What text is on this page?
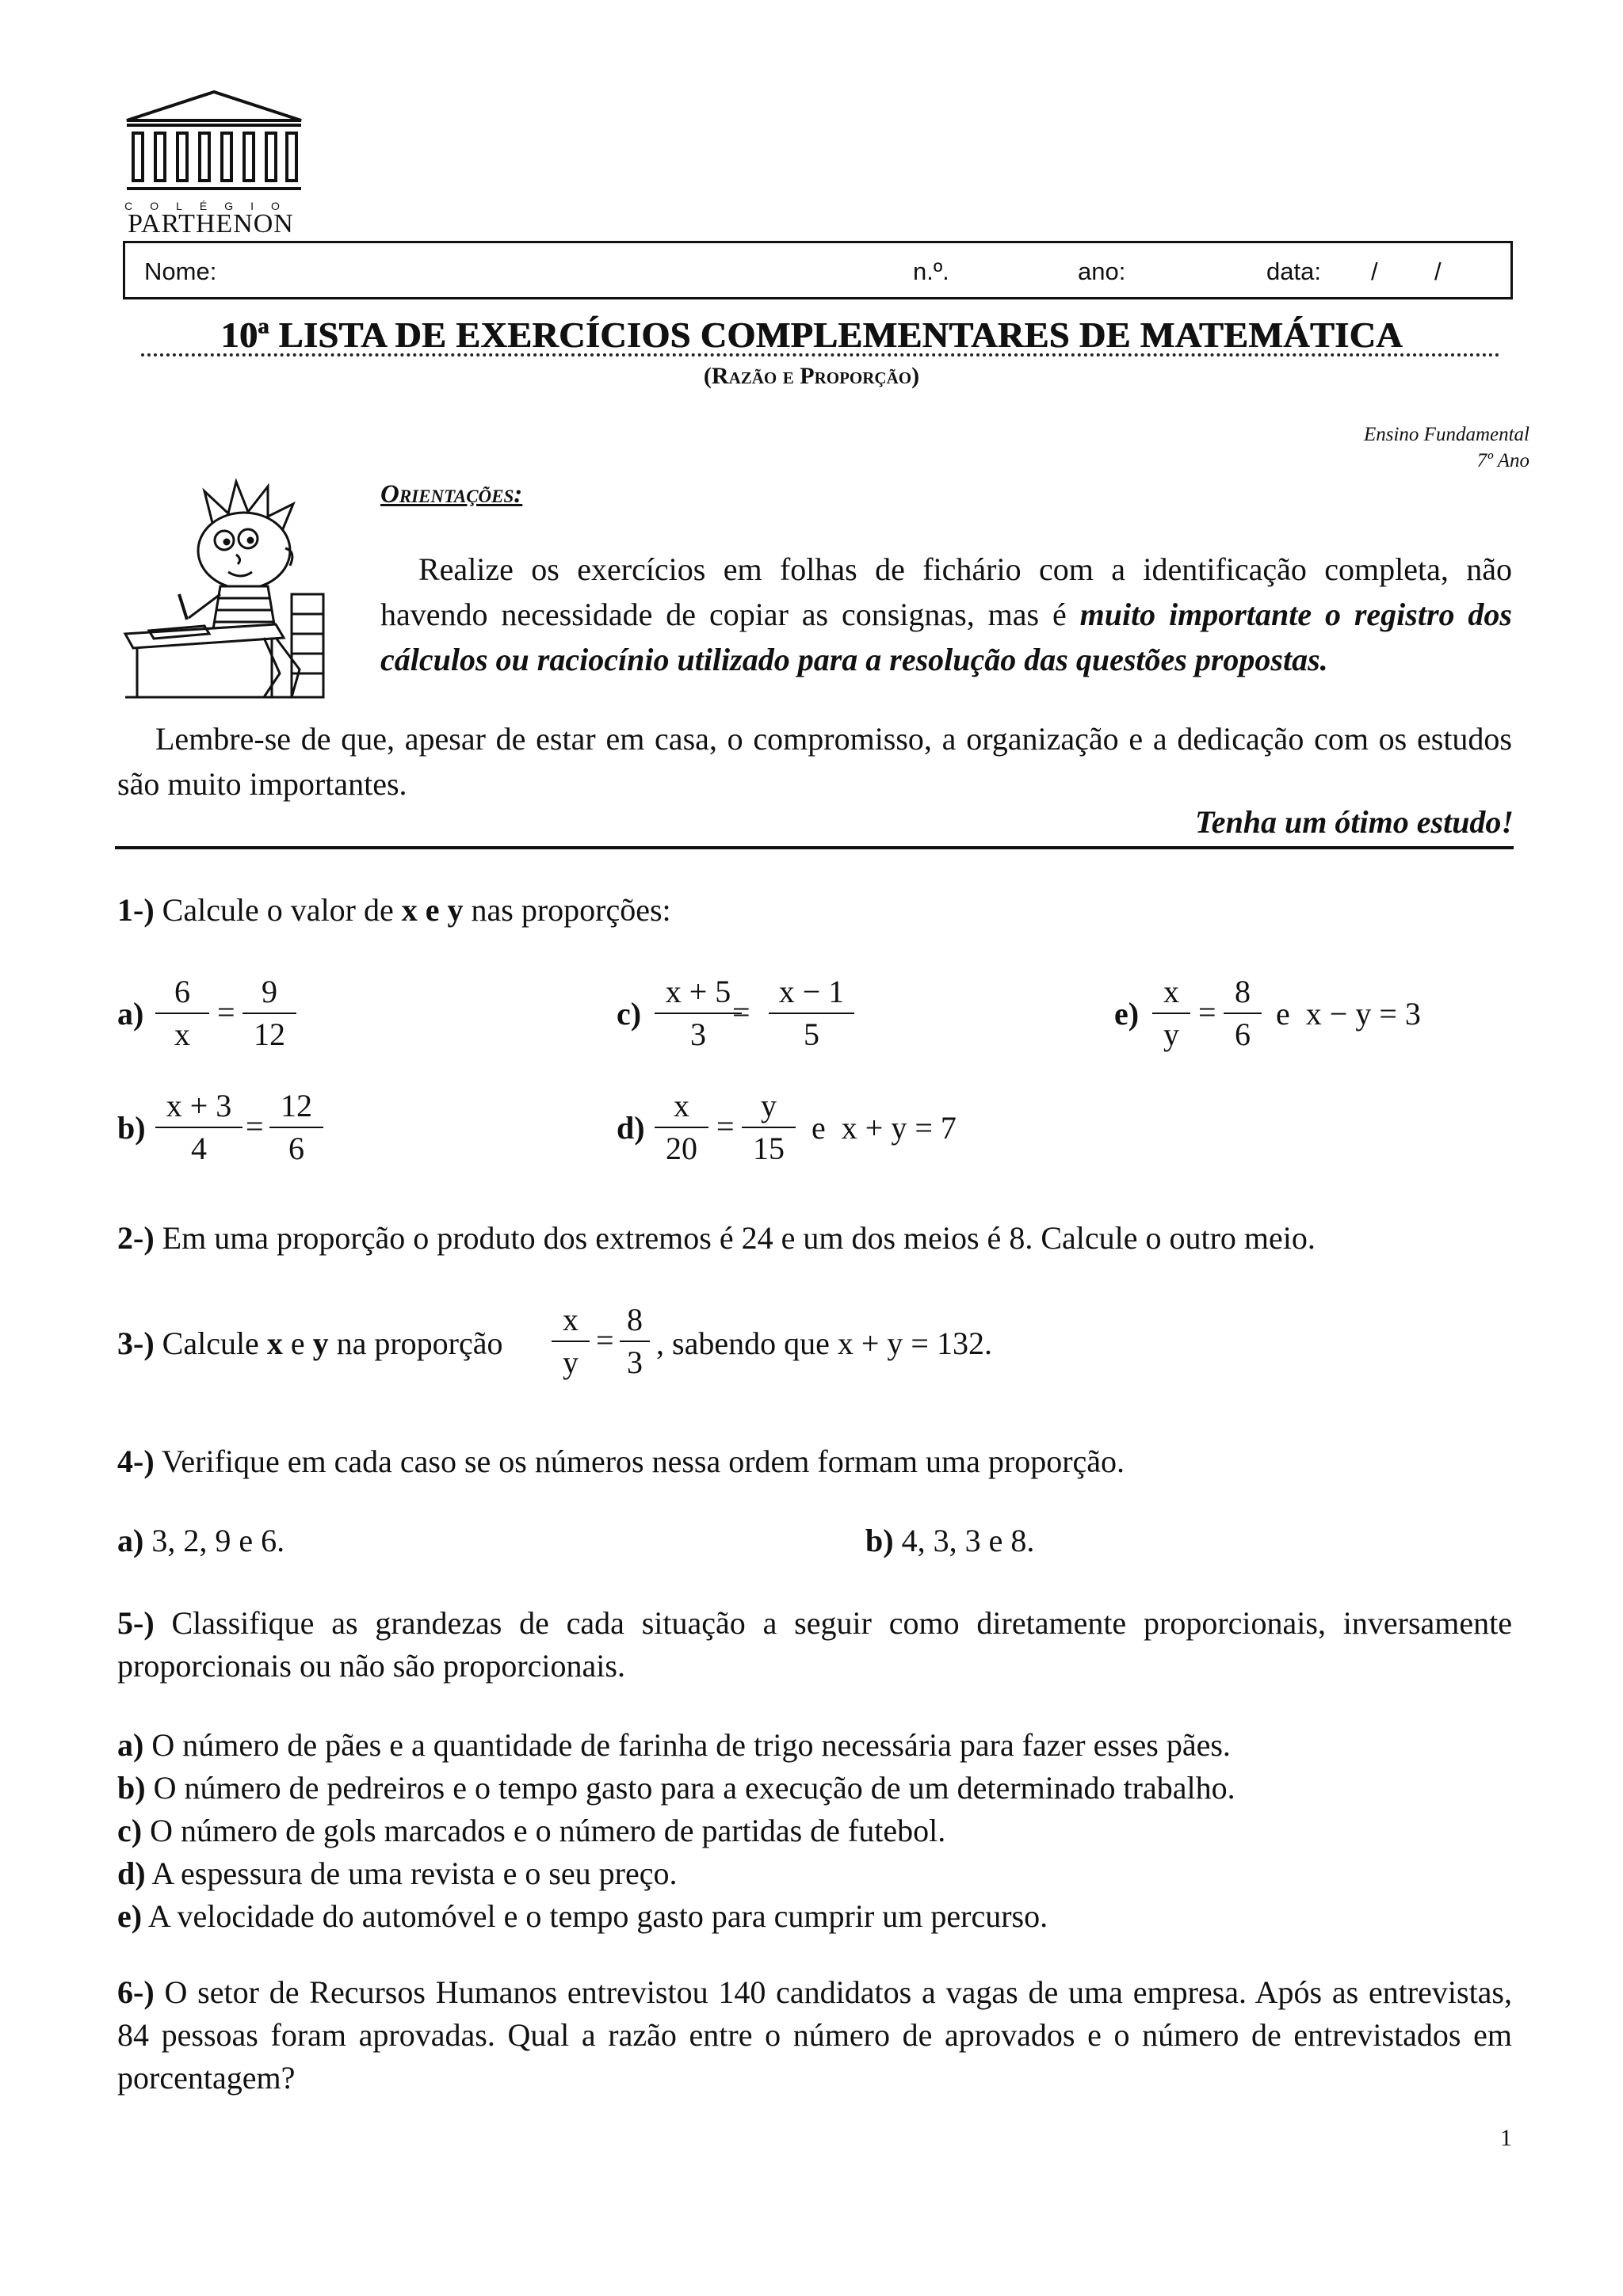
COLÉGIO
PARTHENON
Nome:	n.º.	ano:	data: / /
10ª LISTA DE EXERCÍCIOS COMPLEMENTARES DE MATEMÁTICA
(Razão e Proporção)
Ensino Fundamental
7º Ano
Orientações:
Realize os exercícios em folhas de fichário com a identificação completa, não havendo necessidade de copiar as consignas, mas é muito importante o registro dos cálculos ou raciocínio utilizado para a resolução das questões propostas.
Lembre-se de que, apesar de estar em casa, o compromisso, a organização e a dedicação com os estudos são muito importantes.
Tenha um ótimo estudo!
1-) Calcule o valor de x e y nas proporções:
a)
6
x
=
9
12
b)
x + 3
4
=
12
6
c)
x + 5
3
=
x − 1
5
d)
x
20
=
y
15
e  x + y = 7
e)
x
y
=
8
6
e  x − y = 3
2-) Em uma proporção o produto dos extremos é 24 e um dos meios é 8. Calcule o outro meio.
3-) Calcule x e y na proporção
x
y
=
8
3
, sabendo que x + y = 132.
4-) Verifique em cada caso se os números nessa ordem formam uma proporção.
a) 3, 2, 9 e 6.	b) 4, 3, 3 e 8.
5-) Classifique as grandezas de cada situação a seguir como diretamente proporcionais, inversamente proporcionais ou não são proporcionais.
a) O número de pães e a quantidade de farinha de trigo necessária para fazer esses pães.
b) O número de pedreiros e o tempo gasto para a execução de um determinado trabalho.
c) O número de gols marcados e o número de partidas de futebol.
d) A espessura de uma revista e o seu preço.
e) A velocidade do automóvel e o tempo gasto para cumprir um percurso.
6-) O setor de Recursos Humanos entrevistou 140 candidatos a vagas de uma empresa. Após as entrevistas, 84 pessoas foram aprovadas. Qual a razão entre o número de aprovados e o número de entrevistados em porcentagem?
1
